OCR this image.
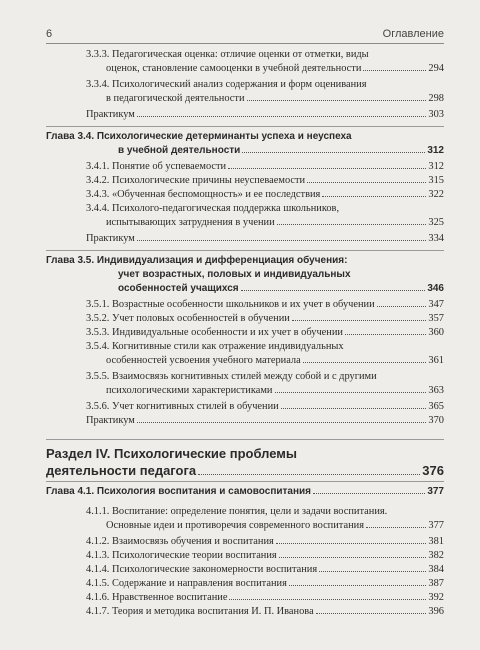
6	Оглавление
3.3.3. Педагогическая оценка: отличие оценки от отметки, виды
оценок, становление самооценки в учебной деятельности	294
3.3.4. Психологический анализ содержания и форм оценивания
в педагогической деятельности	298
Практикум	303
Глава 3.4. Психологические детерминанты успеха и неуспеха
в учебной деятельности	312
3.4.1. Понятие об успеваемости	312
3.4.2. Психологические причины неуспеваемости	315
3.4.3. «Обученная беспомощность» и ее последствия	322
3.4.4. Психолого-педагогическая поддержка школьников,
испытывающих затруднения в учении	325
Практикум	334
Глава 3.5. Индивидуализация и дифференциация обучения:
учет возрастных, половых и индивидуальных
особенностей учащихся	346
3.5.1. Возрастные особенности школьников и их учет в обучении	347
3.5.2. Учет половых особенностей в обучении	357
3.5.3. Индивидуальные особенности и их учет в обучении	360
3.5.4. Когнитивные стили как отражение индивидуальных
особенностей усвоения учебного материала	361
3.5.5. Взаимосвязь когнитивных стилей между собой и с другими
психологическими характеристиками	363
3.5.6. Учет когнитивных стилей в обучении	365
Практикум	370
Раздел IV. Психологические проблемы
деятельности педагога	376
Глава 4.1. Психология воспитания и самовоспитания	377
4.1.1. Воспитание: определение понятия, цели и задачи воспитания.
Основные идеи и противоречия современного воспитания	377
4.1.2. Взаимосвязь обучения и воспитания	381
4.1.3. Психологические теории воспитания	382
4.1.4. Психологические закономерности воспитания	384
4.1.5. Содержание и направления воспитания	387
4.1.6. Нравственное воспитание	392
4.1.7. Теория и методика воспитания И. П. Иванова	396
